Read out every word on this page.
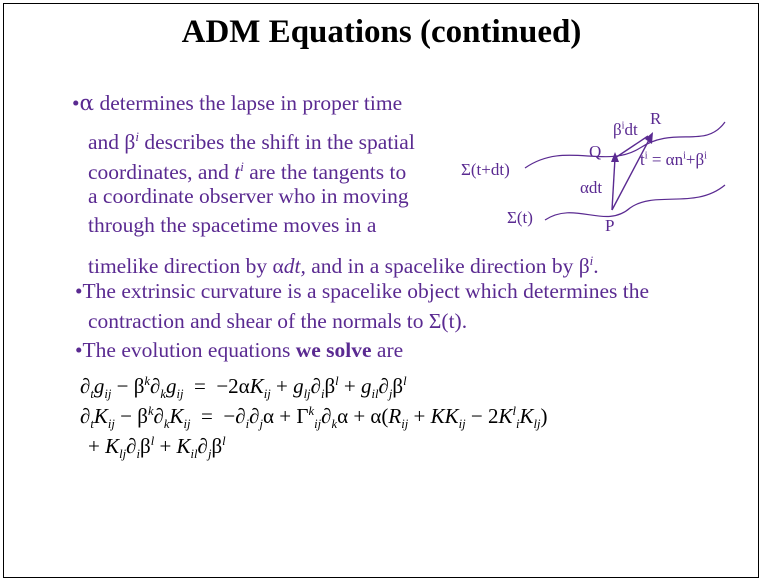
ADM Equations (continued)
•α determines the lapse in proper time
and $\beta^i$ describes the shift in the spatial
coordinates, and $t^i$ are the tangents to
a coordinate observer who in moving
through the spacetime moves in a
timelike direction by αdt, and in a spacelike direction by $\beta^i$.
•The extrinsic curvature is a spacelike object which determines the
contraction and shear of the normals to Σ(t).
•The evolution equations we solve are
Σ(t+dt)
Σ(t)
Q
P
R
αdt
$\beta^idt$
$t^i = \alpha n^i+\beta^i$
$\partial_tg_{ij} - \beta^k\partial_kg_{ij} = -2\alpha K_{ij} + g_{lj}\partial_i\beta^l + g_{il}\partial_j\beta^l$
$\partial_tK_{ij} - \beta^k\partial_kK_{ij} = -\partial_i\partial_j\alpha + \Gamma^k_{ij}\partial_k\alpha + \alpha(R_{ij} + KK_{ij} - 2K^l_iK_{lj})$
+ $K_{lj}\partial_i\beta^l + K_{il}\partial_j\beta^l$
